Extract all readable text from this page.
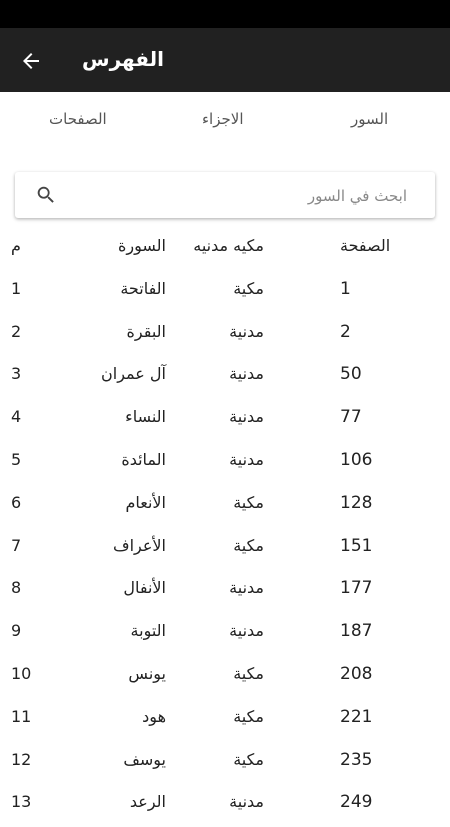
الفهرس
الصفحات	الاجزاء	السور
ابحث في السور
م	السورة	مكيه مدنيه	الصفحة
1	الفاتحة	مكية	1
2	البقرة	مدنية	2
3	آل عمران	مدنية	50
4	النساء	مدنية	77
5	المائدة	مدنية	106
6	الأنعام	مكية	128
7	الأعراف	مكية	151
8	الأنفال	مدنية	177
9	التوبة	مدنية	187
10	يونس	مكية	208
11	هود	مكية	221
12	يوسف	مكية	235
13	الرعد	مدنية	249
